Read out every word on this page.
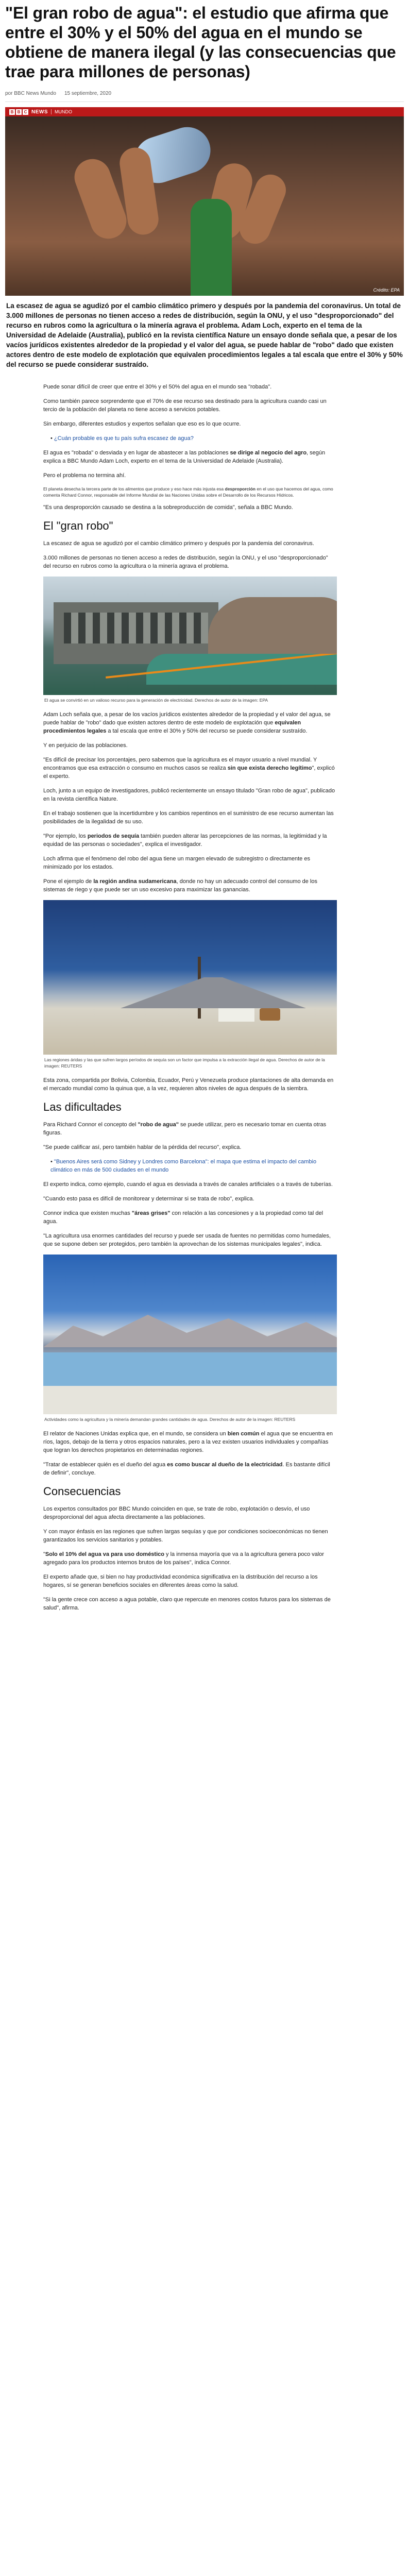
"El gran robo de agua": el estudio que afirma que entre el 30% y el 50% del agua en el mundo se obtiene de manera ilegal (y las consecuencias que trae para millones de personas)
por BBC News Mundo 15 septiembre, 2020
B B C NEWS MUNDO
Crédito: EPA

La escasez de agua se agudizó por el cambio climático primero y después por la pandemia del coronavirus. Un total de 3.000 millones de personas no tienen acceso a redes de distribución, según la ONU, y el uso "desproporcionado" del recurso en rubros como la agricultura o la minería agrava el problema. Adam Loch, experto en el tema de la Universidad de Adelaide (Australia), publicó en la revista científica Nature un ensayo donde señala que, a pesar de los vacíos jurídicos existentes alrededor de la propiedad y el valor del agua, se puede hablar de "robo" dado que existen actores dentro de este modelo de explotación que equivalen procedimientos legales a tal escala que entre el 30% y 50% del recurso se puede considerar sustraído.

Puede sonar difícil de creer que entre el 30% y el 50% del agua en el mundo sea "robada".

Como también parece sorprendente que el 70% de ese recurso sea destinado para la agricultura cuando casi un tercio de la población del planeta no tiene acceso a servicios potables.

Sin embargo, diferentes estudios y expertos señalan que eso es lo que ocurre.

• ¿Cuán probable es que tu país sufra escasez de agua?

El agua es "robada" o desviada y en lugar de abastecer a las poblaciones se dirige al negocio del agro, según explica a BBC Mundo Adam Loch, experto en el tema de la Universidad de Adelaide (Australia).

Pero el problema no termina ahí.

El planeta desecha la tercera parte de los alimentos que produce y eso hace más injusta esa desproporción en el uso que hacemos del agua, como comenta Richard Connor, responsable del Informe Mundial de las Naciones Unidas sobre el Desarrollo de los Recursos Hídricos.

"Es una desproporción causado se destina a la sobreproducción de comida", señala a BBC Mundo.

El "gran robo"

La escasez de agua se agudizó por el cambio climático primero y después por la pandemia del coronavirus.

3.000 millones de personas no tienen acceso a redes de distribución, según la ONU, y el uso "desproporcionado" del recurso en rubros como la agricultura o la minería agrava el problema.

El agua se convirtió en un valioso recurso para la generación de electricidad. Derechos de autor de la imagen: EPA

Adam Loch señala que, a pesar de los vacíos jurídicos existentes alrededor de la propiedad y el valor del agua, se puede hablar de "robo" dado que existen actores dentro de este modelo de explotación que equivalen procedimientos legales a tal escala que entre el 30% y 50% del recurso se puede considerar sustraído.

Y en perjuicio de las poblaciones.

"Es difícil de precisar los porcentajes, pero sabemos que la agricultura es el mayor usuario a nivel mundial. Y encontramos que esa extracción o consumo en muchos casos se realiza sin que exista derecho legítimo", explicó el experto.

Loch, junto a un equipo de investigadores, publicó recientemente un ensayo titulado "Gran robo de agua", publicado en la revista científica Nature.

En el trabajo sostienen que la incertidumbre y los cambios repentinos en el suministro de ese recurso aumentan las posibilidades de la ilegalidad de su uso.

"Por ejemplo, los periodos de sequía también pueden alterar las percepciones de las normas, la legitimidad y la equidad de las personas o sociedades", explica el investigador.

Loch afirma que el fenómeno del robo del agua tiene un margen elevado de subregistro o directamente es minimizado por los estados.

Pone el ejemplo de la región andina sudamericana, donde no hay un adecuado control del consumo de los sistemas de riego y que puede ser un uso excesivo para maximizar las ganancias.

Las regiones áridas y las que sufren largos períodos de sequía son un factor que impulsa a la extracción ilegal de agua. Derechos de autor de la imagen: REUTERS

Esta zona, compartida por Bolivia, Colombia, Ecuador, Perú y Venezuela produce plantaciones de alta demanda en el mercado mundial como la quinua que, a la vez, requieren altos niveles de agua después de la siembra.

Las dificultades

Para Richard Connor el concepto del "robo de agua" se puede utilizar, pero es necesario tomar en cuenta otras figuras.

"Se puede calificar así, pero también hablar de la pérdida del recurso", explica.

• "Buenos Aires será como Sidney y Londres como Barcelona": el mapa que estima el impacto del cambio climático en más de 500 ciudades en el mundo

El experto indica, como ejemplo, cuando el agua es desviada a través de canales artificiales o a través de tuberías.

"Cuando esto pasa es difícil de monitorear y determinar si se trata de robo", explica.

Connor indica que existen muchas "áreas grises" con relación a las concesiones y a la propiedad como tal del agua.

"La agricultura usa enormes cantidades del recurso y puede ser usada de fuentes no permitidas como humedales, que se supone deben ser protegidos, pero también la aprovechan de los sistemas municipales legales", indica.

Actividades como la agricultura y la minería demandan grandes cantidades de agua. Derechos de autor de la imagen: REUTERS

El relator de Naciones Unidas explica que, en el mundo, se considera un bien común el agua que se encuentra en ríos, lagos, debajo de la tierra y otros espacios naturales, pero a la vez existen usuarios individuales y compañías que logran los derechos propietarios en determinadas regiones.

"Tratar de establecer quién es el dueño del agua es como buscar al dueño de la electricidad. Es bastante difícil de definir", concluye.

Consecuencias

Los expertos consultados por BBC Mundo coinciden en que, se trate de robo, explotación o desvío, el uso desproporcional del agua afecta directamente a las poblaciones.

Y con mayor énfasis en las regiones que sufren largas sequías y que por condiciones socioeconómicas no tienen garantizados los servicios sanitarios y potables.

"Solo el 10% del agua va para uso doméstico y la inmensa mayoría que va a la agricultura genera poco valor agregado para los productos internos brutos de los países", indica Connor.

El experto añade que, si bien no hay productividad económica significativa en la distribución del recurso a los hogares, sí se generan beneficios sociales en diferentes áreas como la salud.

"Si la gente crece con acceso a agua potable, claro que repercute en menores costos futuros para los sistemas de salud", afirma.
